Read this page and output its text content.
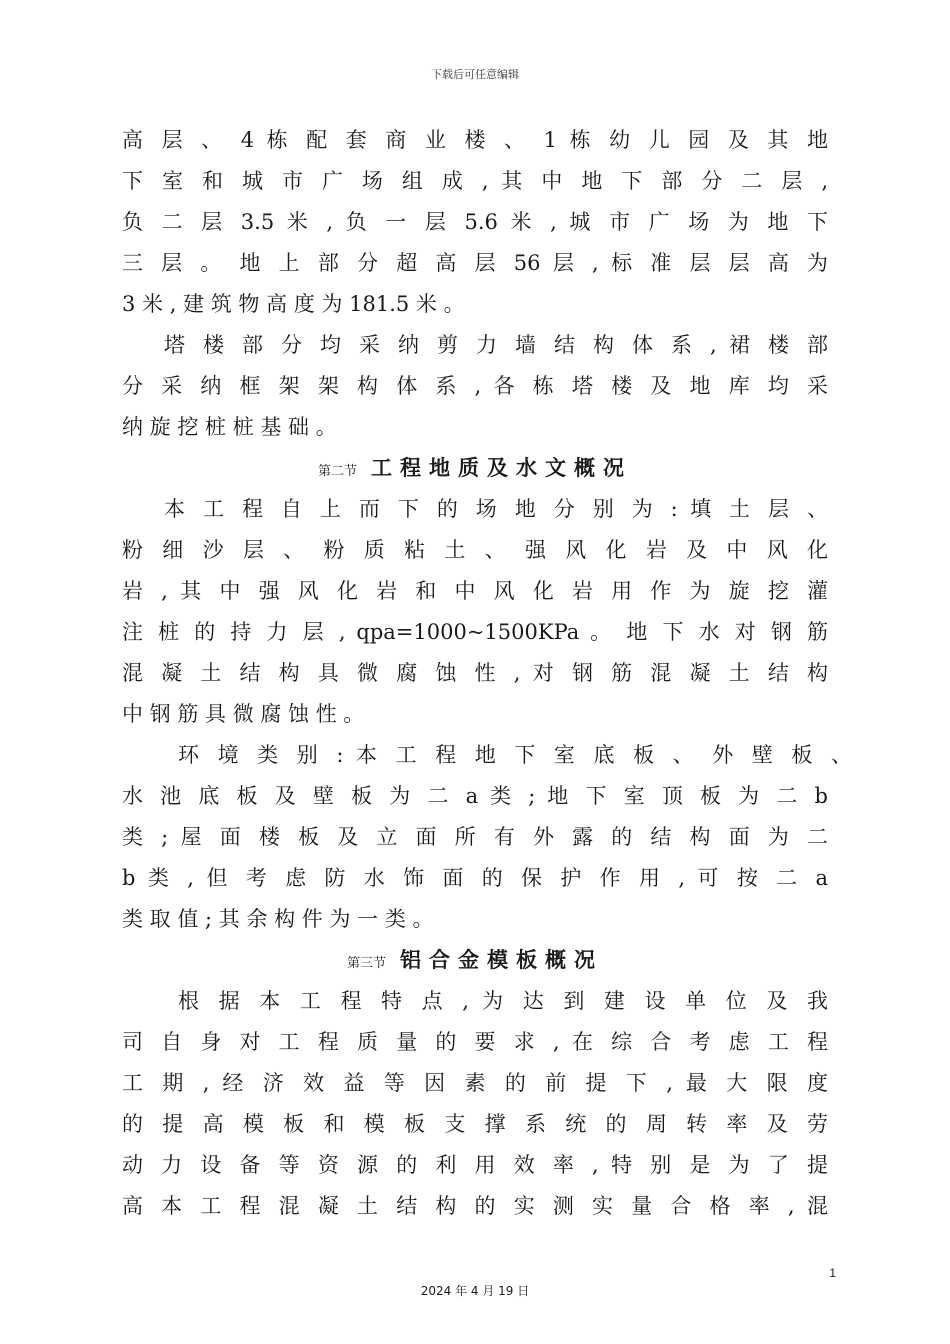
下载后可任意编辑
高 层 、 4 栋 配 套 商 业 楼 、 1 栋 幼 儿 园 及 其 地
下 室 和 城 市 广 场 组 成 , 其 中 地 下 部 分 二 层 ,
负 二 层 3.5 米 , 负 一 层 5.6 米 , 城 市 广 场 为 地 下
三 层 。 地 上 部 分 超 高 层 56 层 , 标 准 层 层 高 为
3 米 , 建 筑 物 高 度 为 181.5 米 。
塔 楼 部 分 均 采 纳 剪 力 墙 结 构 体 系 , 裙 楼 部
分 采 纳 框 架 架 构 体 系 , 各 栋 塔 楼 及 地 库 均 采
纳 旋 挖 桩 桩 基 础 。
第二节 工程地质及水文概况
本 工 程 自 上 而 下 的 场 地 分 别 为 : 填 土 层 、
粉 细 沙 层 、 粉 质 粘 土 、 强 风 化 岩 及 中 风 化
岩 , 其 中 强 风 化 岩 和 中 风 化 岩 用 作 为 旋 挖 灌
注 桩 的 持 力 层 , qpa=1000~1500KPa 。 地 下 水 对 钢 筋
混 凝 土 结 构 具 微 腐 蚀 性 , 对 钢 筋 混 凝 土 结 构
中 钢 筋 具 微 腐 蚀 性 。
环 境 类 别 : 本 工 程 地 下 室 底 板 、 外 壁 板 、
水 池 底 板 及 壁 板 为 二 a 类 ; 地 下 室 顶 板 为 二 b
类 ; 屋 面 楼 板 及 立 面 所 有 外 露 的 结 构 面 为 二
b 类 , 但 考 虑 防 水 饰 面 的 保 护 作 用 , 可 按 二 a
类 取 值 ; 其 余 构 件 为 一 类 。
第三节 铝合金模板概况
根 据 本 工 程 特 点 , 为 达 到 建 设 单 位 及 我
司 自 身 对 工 程 质 量 的 要 求 , 在 综 合 考 虑 工 程
工 期 , 经 济 效 益 等 因 素 的 前 提 下 , 最 大 限 度
的 提 高 模 板 和 模 板 支 撑 系 统 的 周 转 率 及 劳
动 力 设 备 等 资 源 的 利 用 效 率 , 特 别 是 为 了 提
高 本 工 程 混 凝 土 结 构 的 实 测 实 量 合 格 率 , 混
1
2024 年 4 月 19 日
